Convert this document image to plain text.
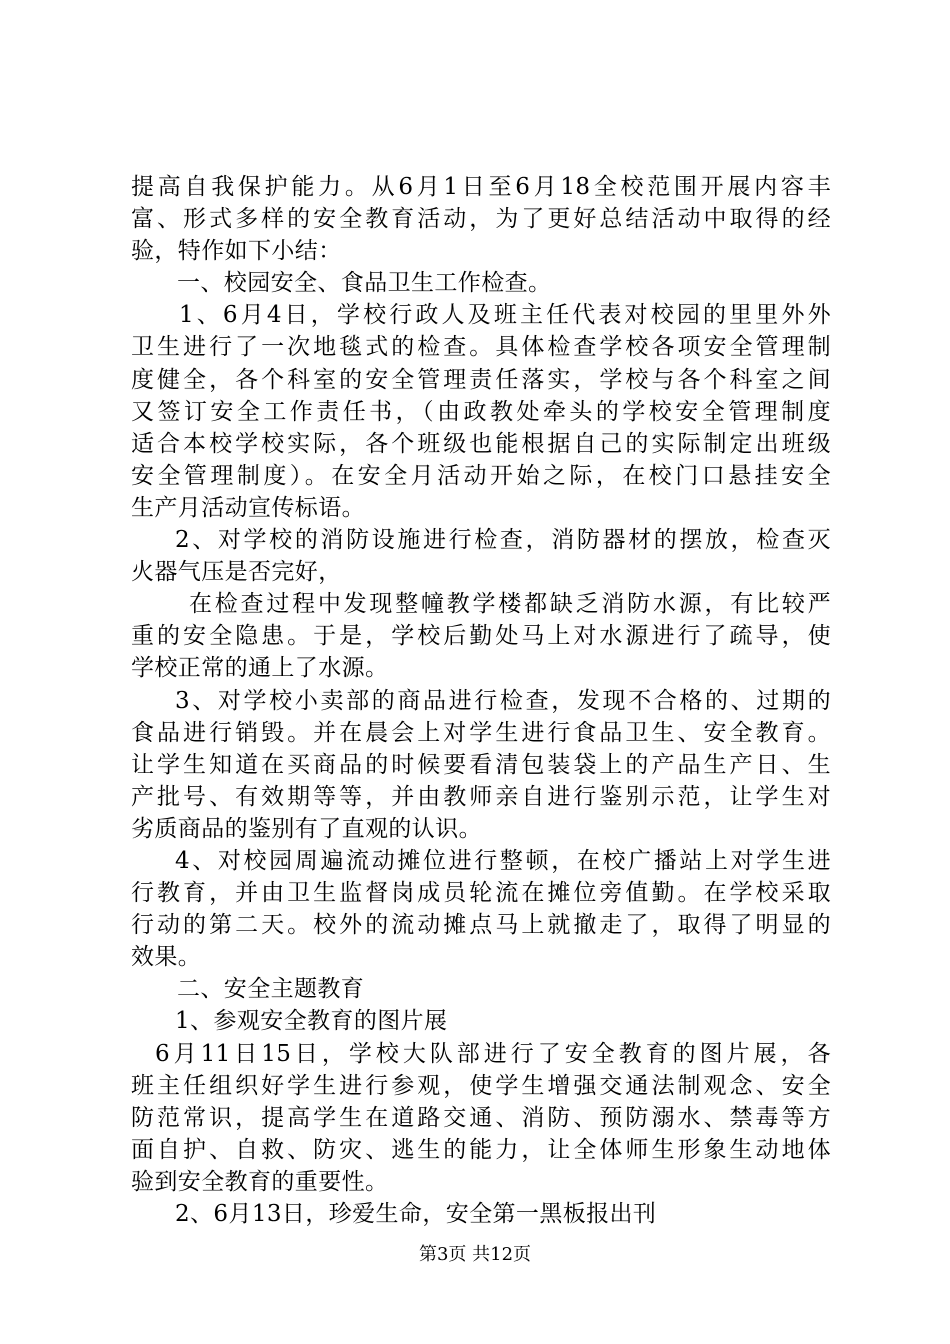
提高自我保护能力。从6月1日至6月18全校范围开展内容丰
富、形式多样的安全教育活动，为了更好总结活动中取得的经
验，特作如下小结：
一、校园安全、食品卫生工作检查。
1、6月4日，学校行政人及班主任代表对校园的里里外外
卫生进行了一次地毯式的检查。具体检查学校各项安全管理制
度健全，各个科室的安全管理责任落实，学校与各个科室之间
又签订安全工作责任书，（由政教处牵头的学校安全管理制度
适合本校学校实际，各个班级也能根据自己的实际制定出班级
安全管理制度）。在安全月活动开始之际，在校门口悬挂安全
生产月活动宣传标语。
2、对学校的消防设施进行检查，消防器材的摆放，检查灭
火器气压是否完好，
在检查过程中发现整幢教学楼都缺乏消防水源，有比较严
重的安全隐患。于是，学校后勤处马上对水源进行了疏导，使
学校正常的通上了水源。
3、对学校小卖部的商品进行检查，发现不合格的、过期的
食品进行销毁。并在晨会上对学生进行食品卫生、安全教育。
让学生知道在买商品的时候要看清包装袋上的产品生产日、生
产批号、有效期等等，并由教师亲自进行鉴别示范，让学生对
劣质商品的鉴别有了直观的认识。
4、对校园周遍流动摊位进行整顿，在校广播站上对学生进
行教育，并由卫生监督岗成员轮流在摊位旁值勤。在学校采取
行动的第二天。校外的流动摊点马上就撤走了，取得了明显的
效果。
二、安全主题教育
1、参观安全教育的图片展
6月11日15日，学校大队部进行了安全教育的图片展，各
班主任组织好学生进行参观，使学生增强交通法制观念、安全
防范常识，提高学生在道路交通、消防、预防溺水、禁毒等方
面自护、自救、防灾、逃生的能力，让全体师生形象生动地体
验到安全教育的重要性。
2、6月13日，珍爱生命，安全第一黑板报出刊
第3页 共12页
